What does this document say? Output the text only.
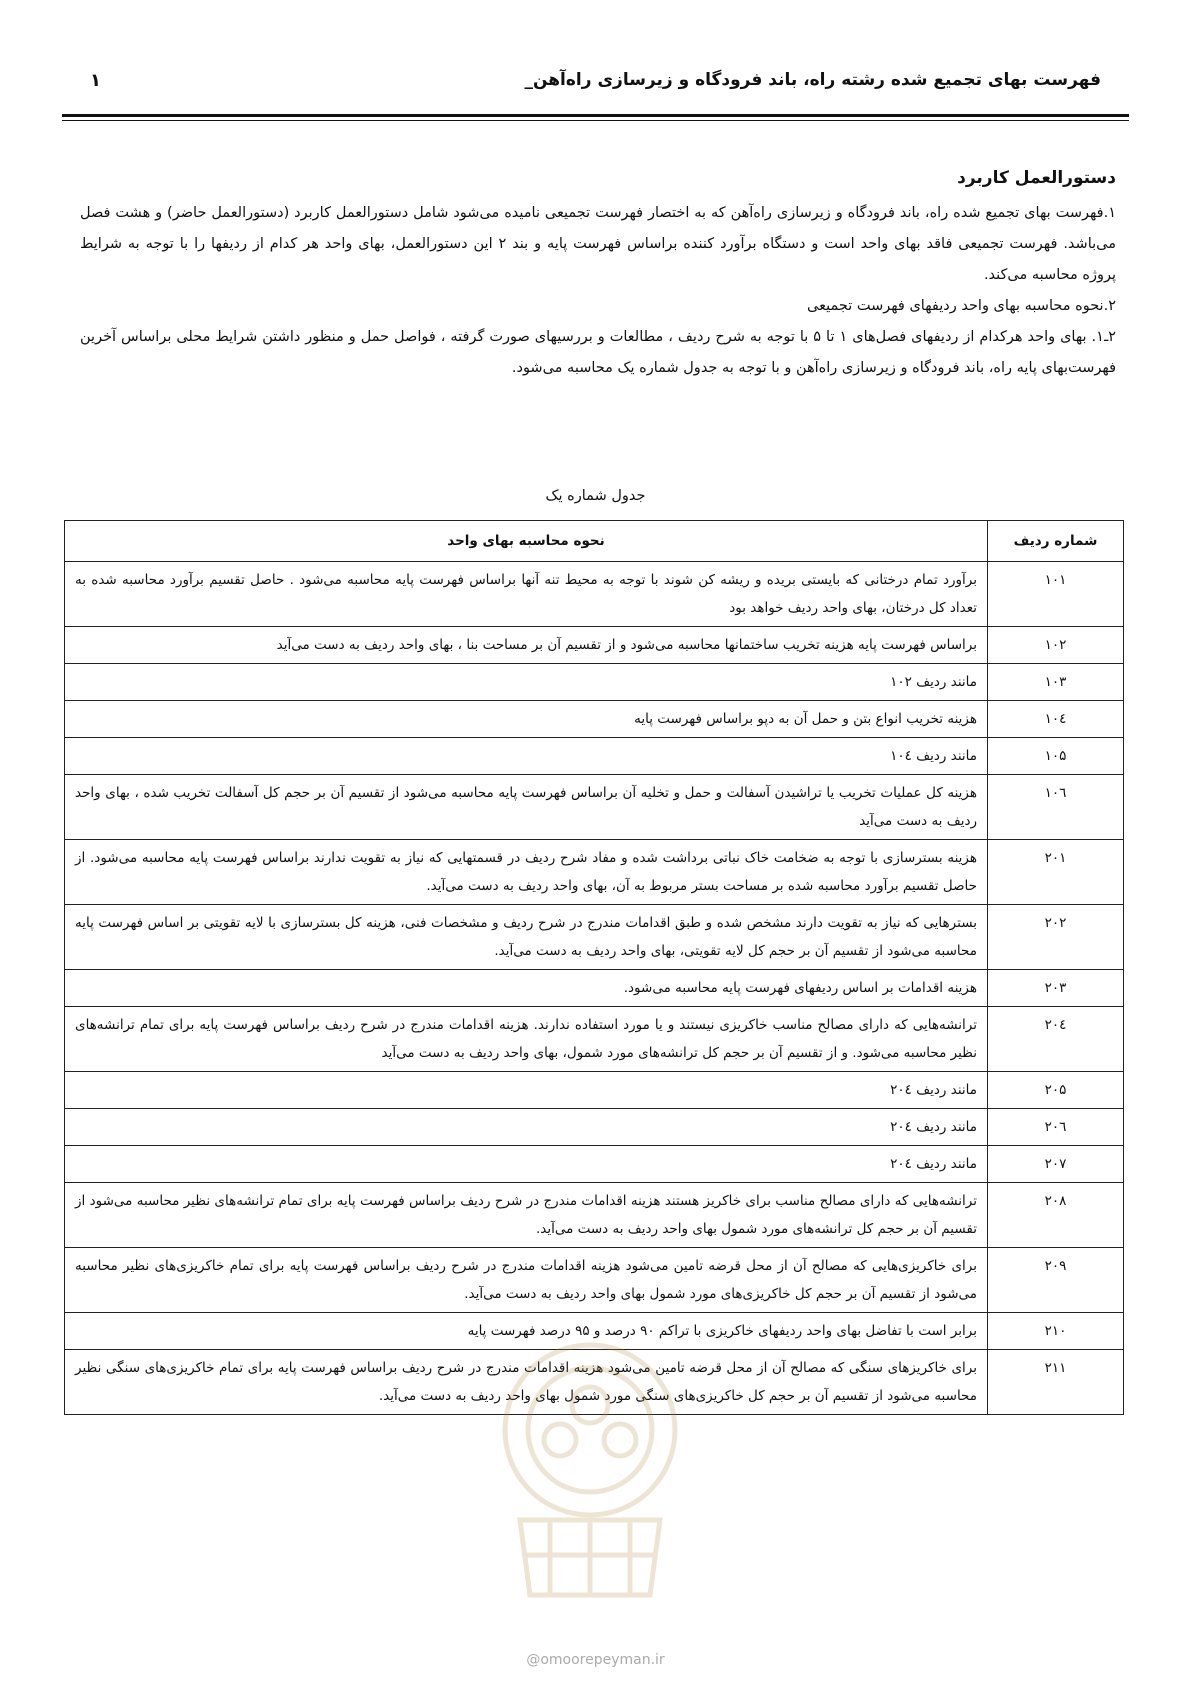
فهرست بهای تجمیع شده رشته راه، باند فرودگاه و زیرسازی راه‌آهن_
۱
دستورالعمل کاربرد

۱.فهرست بهای تجمیع شده راه، باند فرودگاه و زیرسازی راه‌آهن که به اختصار فهرست تجمیعی نامیده می‌شود شامل دستورالعمل کاربرد (دستورالعمل حاضر) و هشت فصل می‌باشد. فهرست تجمیعی فاقد بهای واحد است و دستگاه برآورد کننده براساس فهرست پایه و بند ۲ این دستورالعمل، بهای واحد هر کدام از ردیفها را با توجه به شرایط پروژه محاسبه می‌کند.

۲.نحوه محاسبه بهای واحد ردیفهای فهرست تجمیعی

۲ـ۱. بهای واحد هرکدام از ردیفهای فصل‌های ۱ تا ۵ با توجه به شرح ردیف ، مطالعات و بررسیهای صورت گرفته ، فواصل حمل و منظور داشتن شرایط محلی براساس آخرین فهرست‌بهای پایه راه، باند فرودگاه و زیرسازی راه‌آهن و با توجه به جدول شماره یک محاسبه می‌شود.

جدول شماره یک
شماره ردیف	نحوه محاسبه بهای واحد
۱۰۱	برآورد تمام درختانی که بایستی بریده و ریشه کن شوند با توجه به محیط تنه آنها براساس فهرست پایه محاسبه می‌شود . حاصل تقسیم برآورد محاسبه شده به تعداد کل درختان، بهای واحد ردیف خواهد بود
۱۰۲	براساس فهرست پایه هزینه تخریب ساختمانها محاسبه می‌شود و از تقسیم آن بر مساحت بنا ، بهای واحد ردیف به دست می‌آید
۱۰۳	مانند ردیف ۱۰۲
۱۰٤	هزینه تخریب انواع بتن و حمل آن به دپو براساس فهرست پایه
۱۰۵	مانند ردیف ۱۰٤
۱۰٦	هزینه کل عملیات تخریب یا تراشیدن آسفالت و حمل و تخلیه آن براساس فهرست پایه محاسبه می‌شود از تقسیم آن بر حجم کل آسفالت تخریب شده ، بهای واحد ردیف به دست می‌آید
۲۰۱	هزینه بسترسازی با توجه به ضخامت خاک نباتی برداشت شده و مفاد شرح ردیف در قسمتهایی که نیاز به تقویت ندارند براساس فهرست پایه محاسبه می‌شود. از حاصل تقسیم برآورد محاسبه شده بر مساحت بستر مربوط به آن، بهای واحد ردیف به دست می‌آید.
۲۰۲	بسترهایی که نیاز به تقویت دارند مشخص شده و طبق اقدامات مندرج در شرح ردیف و مشخصات فنی، هزینه کل بسترسازی با لایه تقویتی بر اساس فهرست پایه محاسبه می‌شود از تقسیم آن بر حجم کل لایه تقویتی، بهای واحد ردیف به دست می‌آید.
۲۰۳	هزینه اقدامات بر اساس ردیفهای فهرست پایه محاسبه می‌شود.
۲۰٤	ترانشه‌هایی که دارای مصالح مناسب خاکریزی نیستند و یا مورد استفاده ندارند. هزینه اقدامات مندرج در شرح ردیف براساس فهرست پایه برای تمام ترانشه‌های نظیر محاسبه می‌شود. و از تقسیم آن بر حجم کل ترانشه‌های مورد شمول، بهای واحد ردیف به دست می‌آید
۲۰۵	مانند ردیف ۲۰٤
۲۰٦	مانند ردیف ۲۰٤
۲۰۷	مانند ردیف ۲۰٤
۲۰۸	ترانشه‌هایی که دارای مصالح مناسب برای خاکریز هستند هزینه اقدامات مندرج در شرح ردیف براساس فهرست پایه برای تمام ترانشه‌های نظیر محاسبه می‌شود از تقسیم آن بر حجم کل ترانشه‌های مورد شمول بهای واحد ردیف به دست می‌آید.
۲۰۹	برای خاکریزی‌هایی که مصالح آن از محل قرضه تامین می‌شود هزینه اقدامات مندرج در شرح ردیف براساس فهرست پایه برای تمام خاکریزی‌های نظیر محاسبه می‌شود از تقسیم آن بر حجم کل خاکریزی‌های مورد شمول بهای واحد ردیف به دست می‌آید.
۲۱۰	برابر است با تفاضل بهای واحد ردیفهای خاکریزی با تراکم ۹۰ درصد و ۹۵ درصد فهرست پایه
۲۱۱	برای خاکریزهای سنگی که مصالح آن از محل قرضه تامین می‌شود هزینه اقدامات مندرج در شرح ردیف براساس فهرست پایه برای تمام خاکریزی‌های سنگی نظیر محاسبه می‌شود از تقسیم آن بر حجم کل خاکریزی‌های سنگی مورد شمول بهای واحد ردیف به دست می‌آید.
@omoorepeyman.ir
